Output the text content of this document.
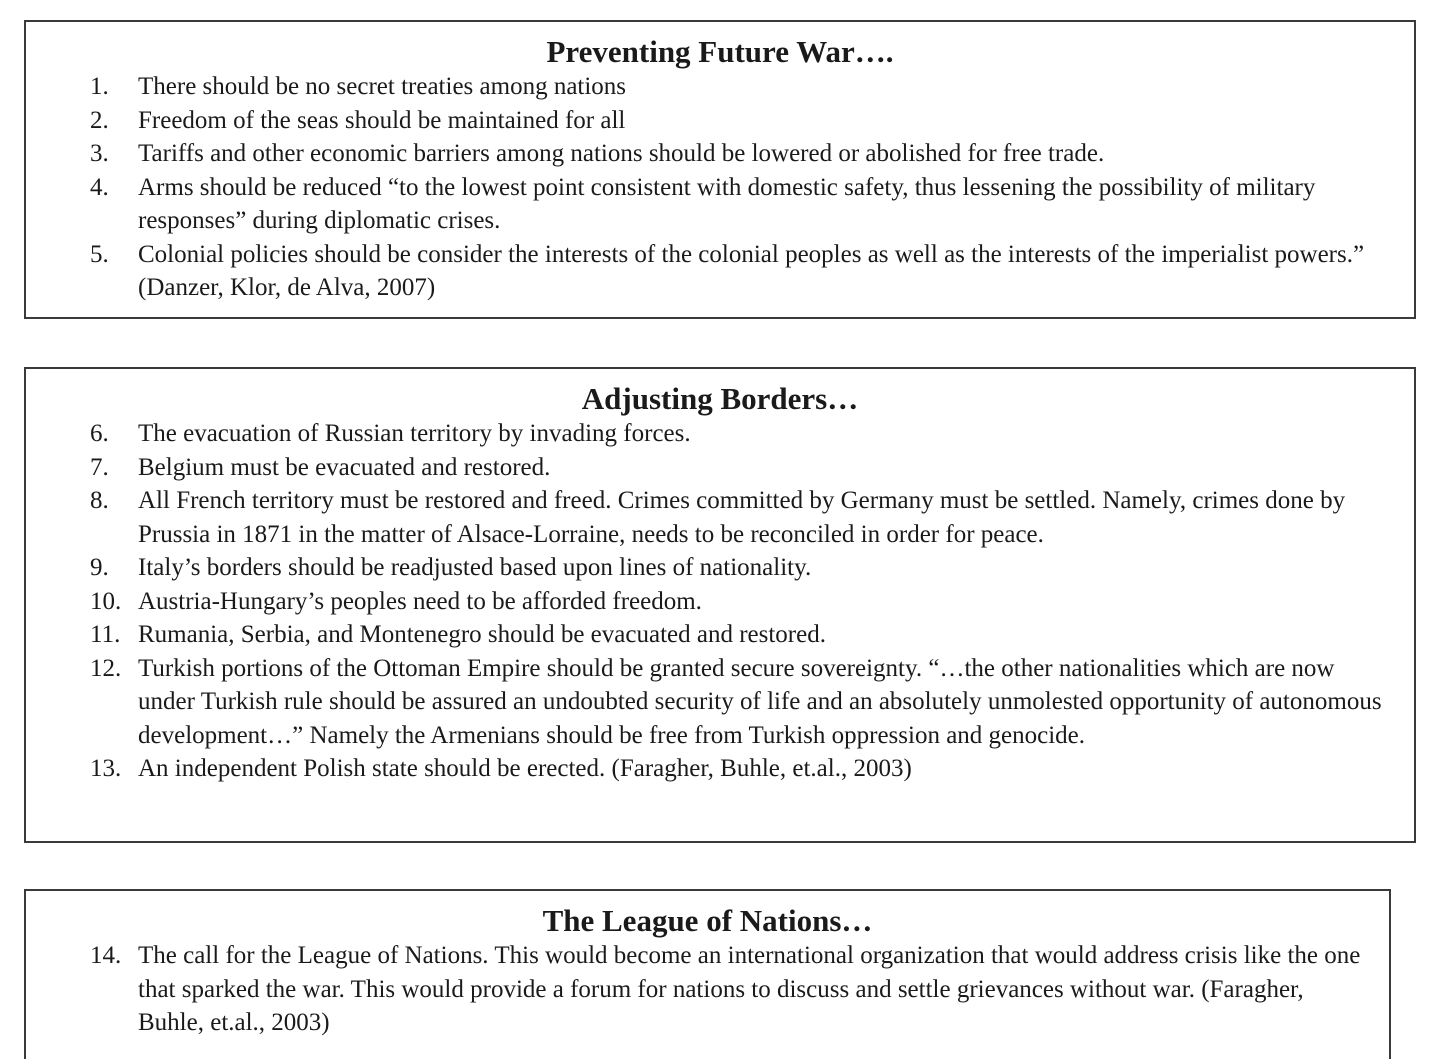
Preventing Future War….
1.	There should be no secret treaties among nations
2.	Freedom of the seas should be maintained for all
3.	Tariffs and other economic barriers among nations should be lowered or abolished for free trade.
4.	Arms should be reduced “to the lowest point consistent with domestic safety, thus lessening the possibility of military responses” during diplomatic crises.
5.	Colonial policies should be consider the interests of the colonial peoples as well as the interests of the imperialist powers.” (Danzer, Klor, de Alva, 2007)
Adjusting Borders…
6.	The evacuation of Russian territory by invading forces.
7.	Belgium must be evacuated and restored.
8.	All French territory must be restored and freed. Crimes committed by Germany must be settled. Namely, crimes done by Prussia in 1871 in the matter of Alsace-Lorraine, needs to be reconciled in order for peace.
9.	Italy’s borders should be readjusted based upon lines of nationality.
10. Austria-Hungary’s peoples need to be afforded freedom.
11. Rumania, Serbia, and Montenegro should be evacuated and restored.
12. Turkish portions of the Ottoman Empire should be granted secure sovereignty. “…the other nationalities which are now under Turkish rule should be assured an undoubted security of life and an absolutely unmolested opportunity of autonomous development…” Namely the Armenians should be free from Turkish oppression and genocide.
13. An independent Polish state should be erected. (Faragher, Buhle, et.al., 2003)
The League of Nations…
14. The call for the League of Nations. This would become an international organization that would address crisis like the one that sparked the war. This would provide a forum for nations to discuss and settle grievances without war. (Faragher, Buhle, et.al., 2003)
